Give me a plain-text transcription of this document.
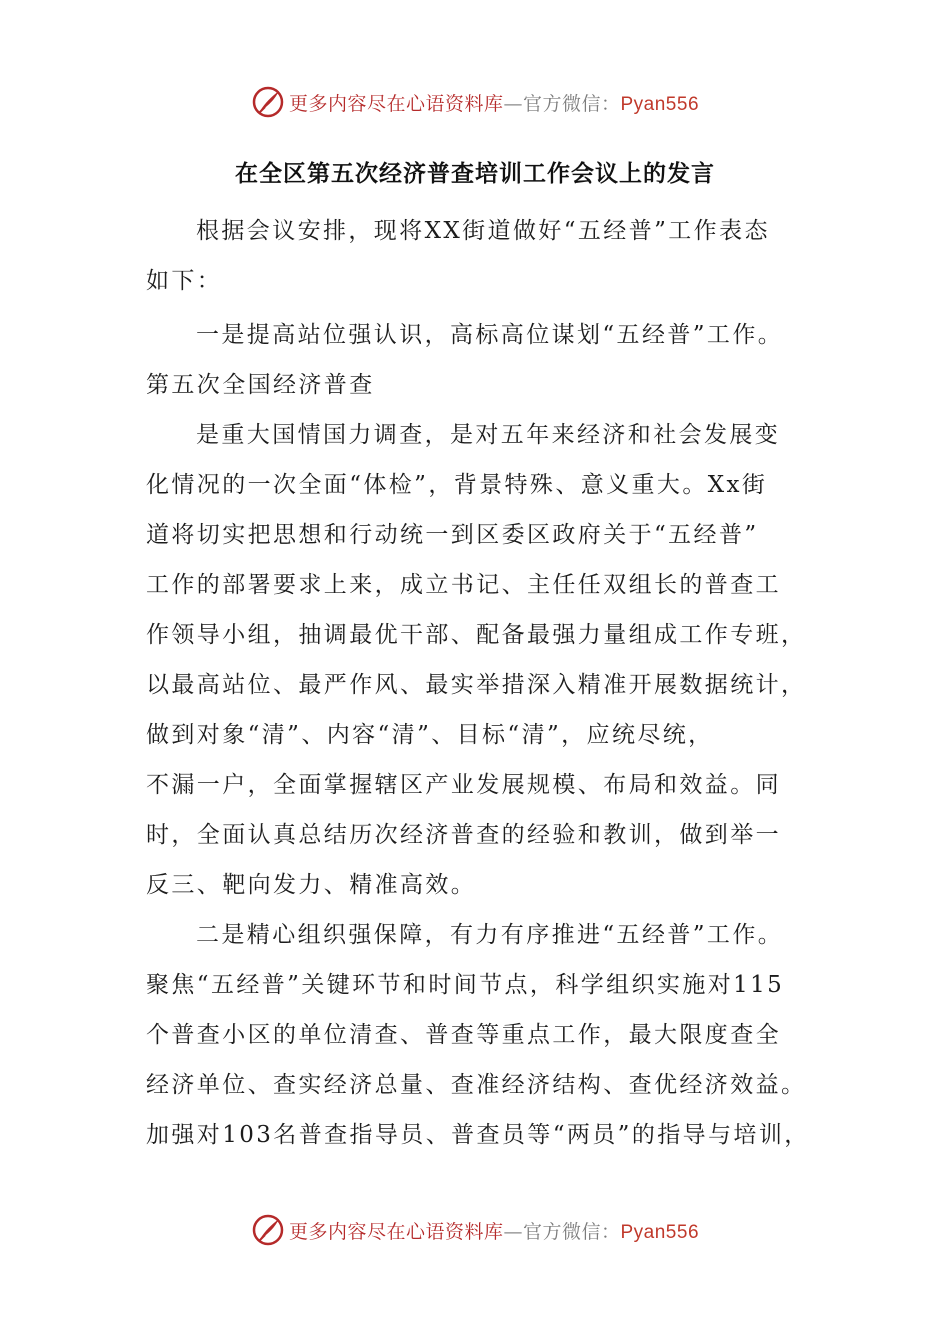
更多内容尽在心语资料库—官方微信：Pyan556
在全区第五次经济普查培训工作会议上的发言
根据会议安排，现将XX街道做好“五经普”工作表态
如下：
一是提高站位强认识，高标高位谋划“五经普”工作。
第五次全国经济普查
是重大国情国力调查，是对五年来经济和社会发展变
化情况的一次全面“体检”，背景特殊、意义重大。Xx街
道将切实把思想和行动统一到区委区政府关于“五经普”
工作的部署要求上来，成立书记、主任任双组长的普查工
作领导小组，抽调最优干部、配备最强力量组成工作专班，
以最高站位、最严作风、最实举措深入精准开展数据统计，
做到对象“清”、内容“清”、目标“清”，应统尽统，
不漏一户，全面掌握辖区产业发展规模、布局和效益。同
时，全面认真总结历次经济普查的经验和教训，做到举一
反三、靶向发力、精准高效。
二是精心组织强保障，有力有序推进“五经普”工作。
聚焦“五经普”关键环节和时间节点，科学组织实施对115
个普查小区的单位清查、普查等重点工作，最大限度查全
经济单位、查实经济总量、查准经济结构、查优经济效益。
加强对103名普查指导员、普查员等“两员”的指导与培训，
更多内容尽在心语资料库—官方微信：Pyan556
